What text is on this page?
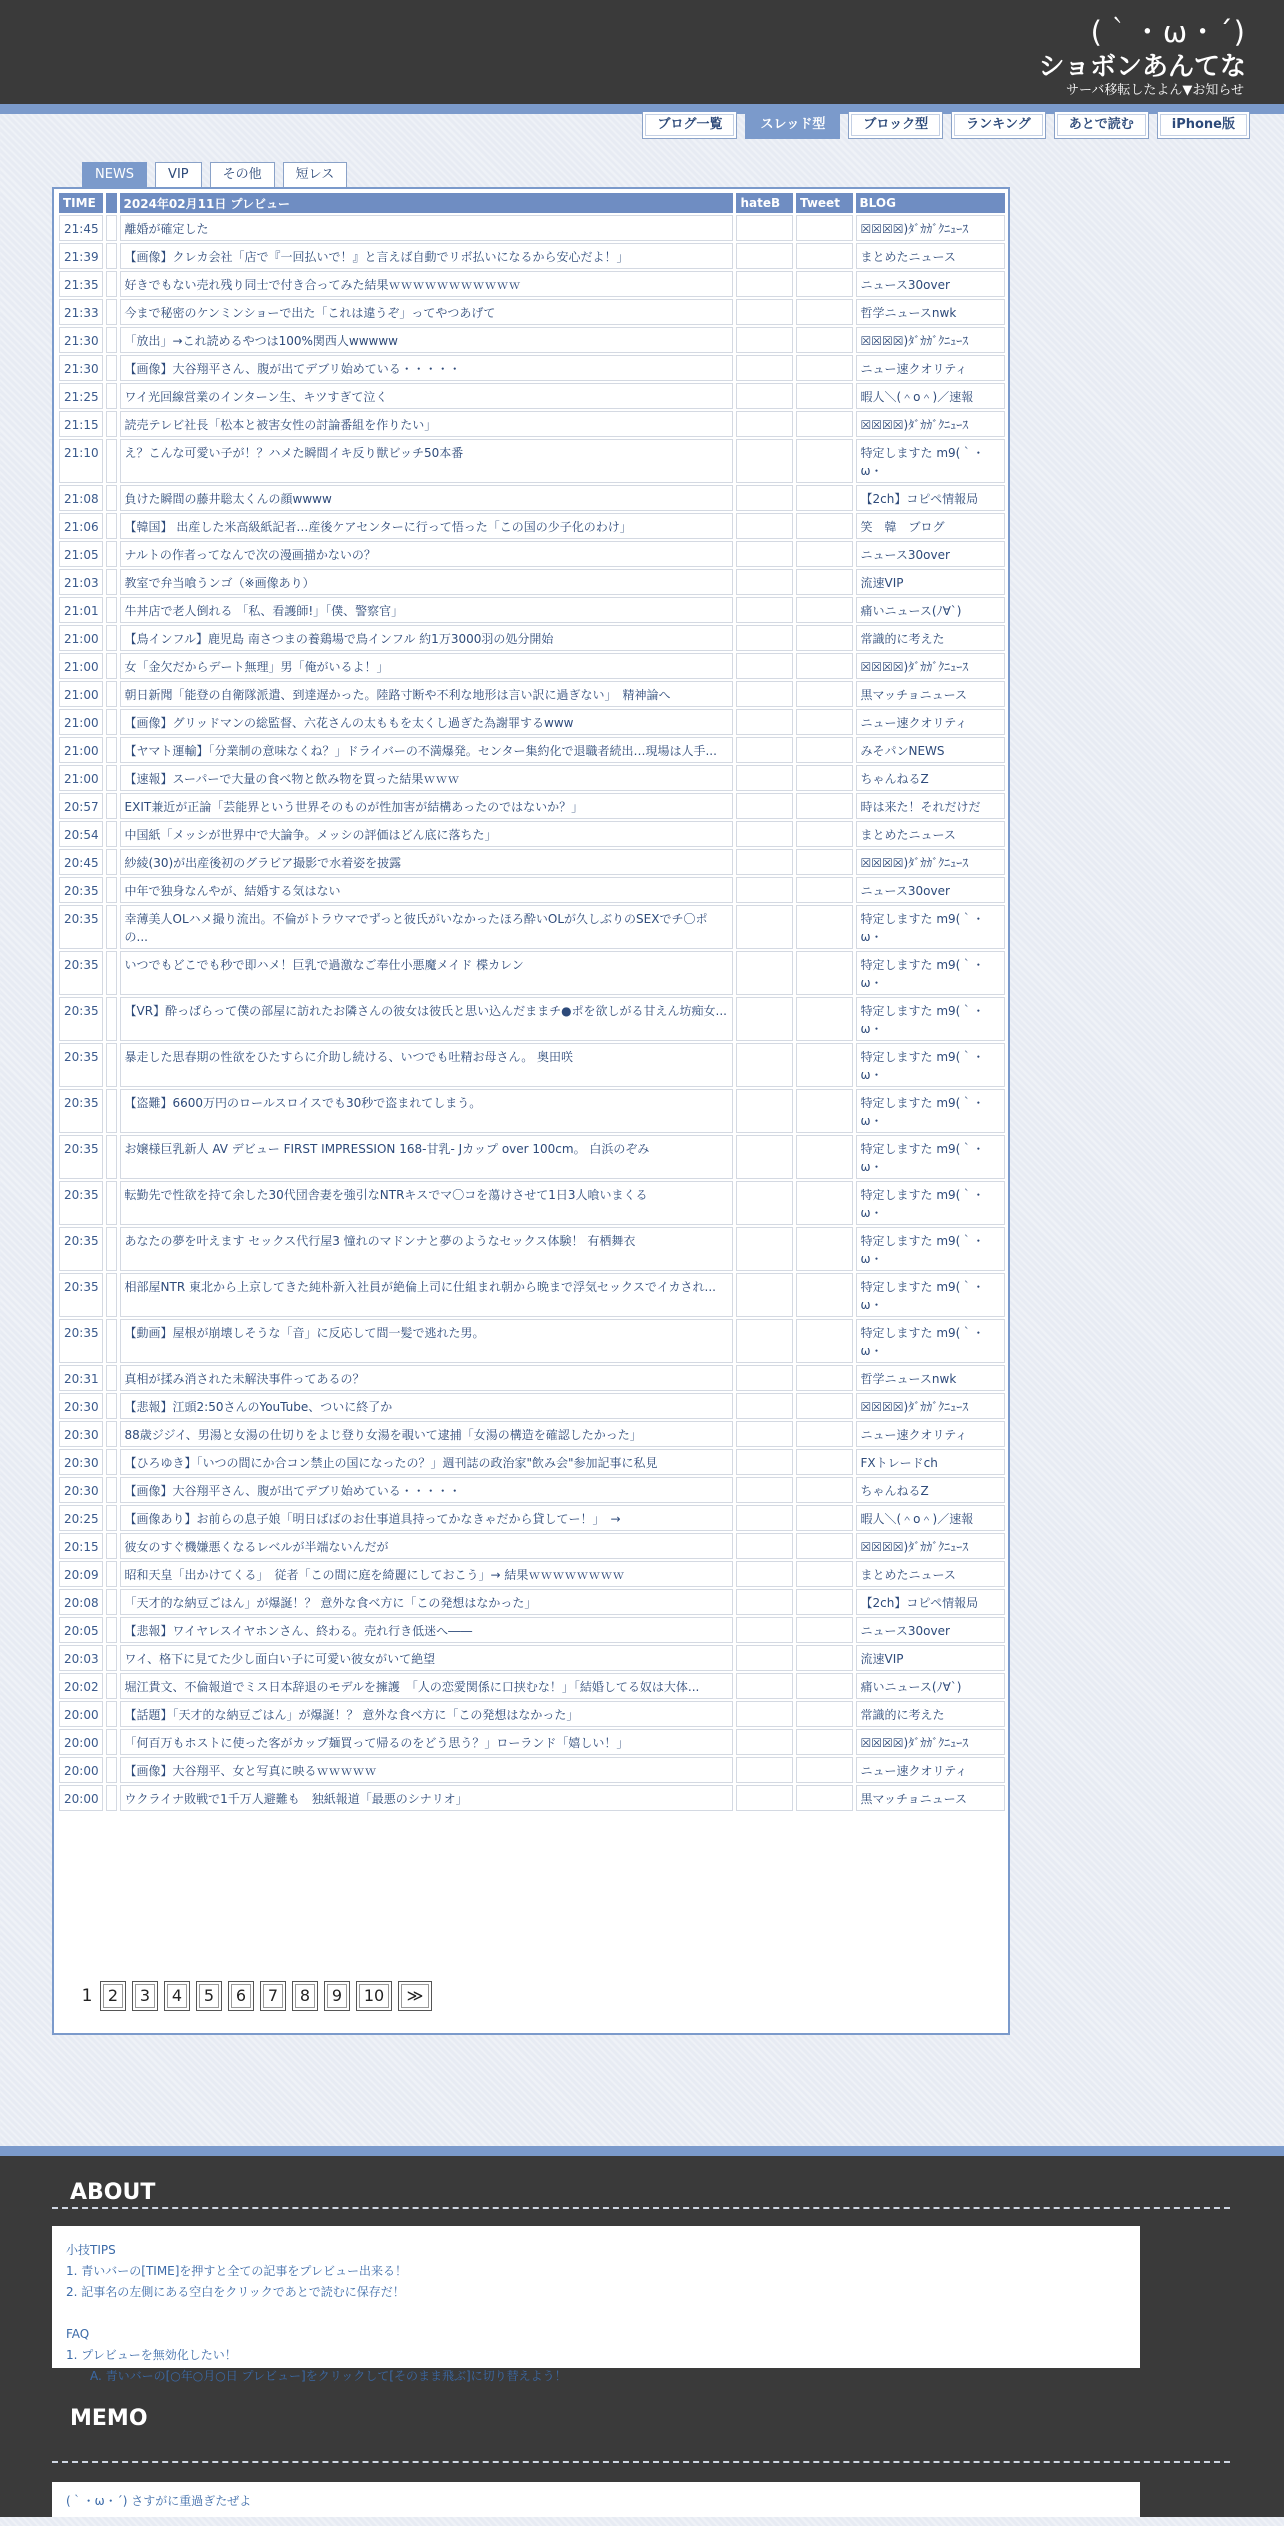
(｀・ω・´)
ショボンあんてな
サーバ移転したよん▼お知らせ
ブログ一覧	スレッド型	ブロック型	ランキング	あとで読む	iPhone版
NEWS	VIP	その他	短レス
TIME		2024年02月11日 プレビュー	hateB	Tweet	BLOG
21:45		離婚が確定した			☒☒☒☒)ﾀﾞｶｶﾞｸﾆｭｰｽ
21:39		【画像】クレカ会社「店で『一回払いで！』と言えば自動でリボ払いになるから安心だよ！」			まとめたニュース
21:35		好きでもない売れ残り同士で付き合ってみた結果ｗｗｗｗｗｗｗｗｗｗｗ			ニュース30over
21:33		今まで秘密のケンミンショーで出た「これは違うぞ」ってやつあげて			哲学ニュースnwk
21:30		「放出」→これ読めるやつは100%関西人wwwww			☒☒☒☒)ﾀﾞｶｶﾞｸﾆｭｰｽ
21:30		【画像】大谷翔平さん、腹が出てデブリ始めている・・・・・			ニュー速クオリティ
21:25		ワイ光回線営業のインターン生、キツすぎて泣く			暇人＼(＾o＾)／速報
21:15		読売テレビ社長「松本と被害女性の討論番組を作りたい」			☒☒☒☒)ﾀﾞｶｶﾞｸﾆｭｰｽ
21:10		え？こんな可愛い子が！？ハメた瞬間イキ反り獣ビッチ50本番			特定しますた m9(｀・ω・
21:08		負けた瞬間の藤井聡太くんの顔wwww			【2ch】コピペ情報局
21:06		【韓国】 出産した米高級紙記者…産後ケアセンターに行って悟った「この国の少子化のわけ」			笑　韓　ブログ
21:05		ナルトの作者ってなんで次の漫画描かないの？			ニュース30over
21:03		教室で弁当喰うンゴ（※画像あり）			流速VIP
21:01		牛丼店で老人倒れる 「私、看護師!」「僕、警察官」			痛いニュース(ﾉ∀`)
21:00		【鳥インフル】鹿児島 南さつまの養鶏場で鳥インフル 約1万3000羽の処分開始			常識的に考えた
21:00		女「金欠だからデート無理」男「俺がいるよ！」			☒☒☒☒)ﾀﾞｶｶﾞｸﾆｭｰｽ
21:00		朝日新聞「能登の自衛隊派遣、到達遅かった。陸路寸断や不利な地形は言い訳に過ぎない」　精神論へ			黒マッチョニュース
21:00		【画像】グリッドマンの総監督、六花さんの太ももを太くし過ぎた為謝罪するwww			ニュー速クオリティ
21:00		【ヤマト運輸】「分業制の意味なくね？」ドライバーの不満爆発。センター集約化で退職者続出…現場は人手...			みそパンNEWS
21:00		【速報】スーパーで大量の食べ物と飲み物を買った結果ｗｗｗ			ちゃんねるZ
20:57		EXIT兼近が正論「芸能界という世界そのものが性加害が結構あったのではないか？」			時は来た！それだけだ
20:54		中国紙「メッシが世界中で大論争。メッシの評価はどん底に落ちた」			まとめたニュース
20:45		紗綾(30)が出産後初のグラビア撮影で水着姿を披露			☒☒☒☒)ﾀﾞｶｶﾞｸﾆｭｰｽ
20:35		中年で独身なんやが、結婚する気はない			ニュース30over
20:35		幸薄美人OLハメ撮り流出。不倫がトラウマでずっと彼氏がいなかったほろ酔いOLが久しぶりのSEXでチ〇ポの...			特定しますた m9(｀・ω・
20:35		いつでもどこでも秒で即ハメ！巨乳で過激なご奉仕小悪魔メイド 楪カレン			特定しますた m9(｀・ω・
20:35		【VR】酔っぱらって僕の部屋に訪れたお隣さんの彼女は彼氏と思い込んだままチ●ポを欲しがる甘えん坊痴女...			特定しますた m9(｀・ω・
20:35		暴走した思春期の性欲をひたすらに介助し続ける、いつでも吐精お母さん。 奥田咲			特定しますた m9(｀・ω・
20:35		【盗難】6600万円のロールスロイスでも30秒で盗まれてしまう。			特定しますた m9(｀・ω・
20:35		お嬢様巨乳新人 AV デビュー FIRST IMPRESSION 168-甘乳- Jカップ over 100cm。 白浜のぞみ			特定しますた m9(｀・ω・
20:35		転勤先で性欲を持て余した30代団舎妻を強引なNTRキスでマ〇コを蕩けさせて1日3人喰いまくる			特定しますた m9(｀・ω・
20:35		あなたの夢を叶えます セックス代行屋3 憧れのマドンナと夢のようなセックス体験！ 有栖舞衣			特定しますた m9(｀・ω・
20:35		相部屋NTR 東北から上京してきた純朴新入社員が絶倫上司に仕組まれ朝から晩まで浮気セックスでイカされ...			特定しますた m9(｀・ω・
20:35		【動画】屋根が崩壊しそうな「音」に反応して間一髪で逃れた男。			特定しますた m9(｀・ω・
20:31		真相が揉み消された未解決事件ってあるの？			哲学ニュースnwk
20:30		【悲報】江頭2:50さんのYouTube、ついに終了か			☒☒☒☒)ﾀﾞｶｶﾞｸﾆｭｰｽ
20:30		88歳ジジイ、男湯と女湯の仕切りをよじ登り女湯を覗いて逮捕「女湯の構造を確認したかった」			ニュー速クオリティ
20:30		【ひろゆき】「いつの間にか合コン禁止の国になったの？」週刊誌の政治家"飲み会"参加記事に私見			FXトレードch
20:30		【画像】大谷翔平さん、腹が出てデブリ始めている・・・・・			ちゃんねるZ
20:25		【画像あり】お前らの息子娘「明日ばばのお仕事道具持ってかなきゃだから貸してー！」　→			暇人＼(＾o＾)／速報
20:15		彼女のすぐ機嫌悪くなるレベルが半端ないんだが			☒☒☒☒)ﾀﾞｶｶﾞｸﾆｭｰｽ
20:09		昭和天皇「出かけてくる」　従者「この間に庭を綺麗にしておこう」→ 結果ｗｗｗｗｗｗｗｗ			まとめたニュース
20:08		「天才的な納豆ごはん」が爆誕！？ 意外な食べ方に「この発想はなかった」			【2ch】コピペ情報局
20:05		【悲報】ワイヤレスイヤホンさん、終わる。売れ行き低迷へ――			ニュース30over
20:03		ワイ、格下に見てた少し面白い子に可愛い彼女がいて絶望			流速VIP
20:02		堀江貴文、不倫報道でミス日本辞退のモデルを擁護　「人の恋愛関係に口挟むな！」「結婚してる奴は大体...			痛いニュース(ﾉ∀`)
20:00		【話題】「天才的な納豆ごはん」が爆誕！？ 意外な食べ方に「この発想はなかった」			常識的に考えた
20:00		「何百万もホストに使った客がカップ麺買って帰るのをどう思う？」ローランド「嬉しい！」			☒☒☒☒)ﾀﾞｶｶﾞｸﾆｭｰｽ
20:00		【画像】大谷翔平、女と写真に映るｗｗｗｗｗ			ニュー速クオリティ
20:00		ウクライナ敗戦で1千万人避難も　独紙報道「最悪のシナリオ」			黒マッチョニュース
1 2	3	4	5	6	7	8	9	10	≫
ABOUT
小技TIPS
1. 青いバーの[TIME]を押すと全ての記事をプレビュー出来る！
2. 記事名の左側にある空白をクリックであとで読むに保存だ！
FAQ
1. プレビューを無効化したい！
A. 青いバーの[○年○月○日 プレビュー]をクリックして[そのまま飛ぶ]に切り替えよう！
MEMO
(｀・ω・´) さすがに重過ぎたぜよ
